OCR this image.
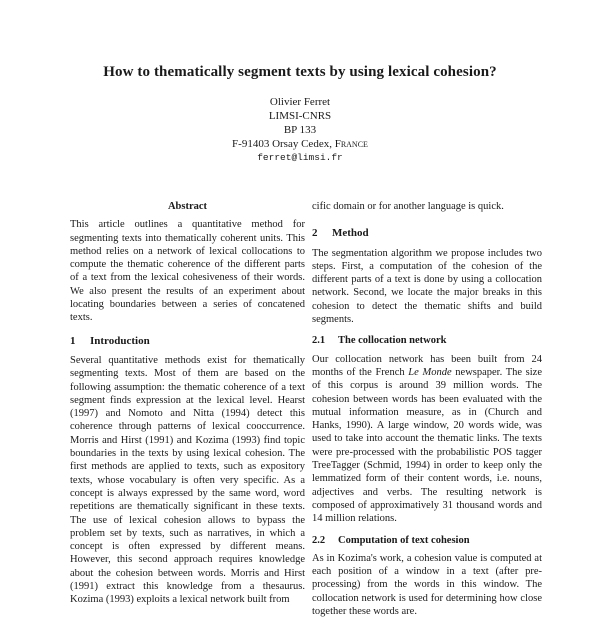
How to thematically segment texts by using lexical cohesion?
Olivier Ferret
LIMSI-CNRS
BP 133
F-91403 Orsay Cedex, France
ferret@limsi.fr
Abstract

This article outlines a quantitative method for segmenting texts into thematically coherent units. This method relies on a network of lexical collocations to compute the thematic coherence of the different parts of a text from the lexical cohesiveness of their words. We also present the results of an experiment about locating boundaries between a series of concatened texts.

1	Introduction

Several quantitative methods exist for thematically segmenting texts. Most of them are based on the following assumption: the thematic coherence of a text segment finds expression at the lexical level. Hearst (1997) and Nomoto and Nitta (1994) detect this coherence through patterns of lexical cooccurrence. Morris and Hirst (1991) and Kozima (1993) find topic boundaries in the texts by using lexical cohesion. The first methods are applied to texts, such as expository texts, whose vocabulary is often very specific. As a concept is always expressed by the same word, word repetitions are thematically significant in these texts. The use of lexical cohesion allows to bypass the problem set by texts, such as narratives, in which a concept is often expressed by different means. However, this second approach requires knowledge about the cohesion between words. Morris and Hirst (1991) extract this knowledge from a thesaurus. Kozima (1993) exploits a lexical network built from

cific domain or for another language is quick.

2	Method

The segmentation algorithm we propose includes two steps. First, a computation of the cohesion of the different parts of a text is done by using a collocation network. Second, we locate the major breaks in this cohesion to detect the thematic shifts and build segments.

2.1	The collocation network

Our collocation network has been built from 24 months of the French Le Monde newspaper. The size of this corpus is around 39 million words. The cohesion between words has been evaluated with the mutual information measure, as in (Church and Hanks, 1990). A large window, 20 words wide, was used to take into account the thematic links. The texts were pre-processed with the probabilistic POS tagger TreeTagger (Schmid, 1994) in order to keep only the lemmatized form of their content words, i.e. nouns, adjectives and verbs. The resulting network is composed of approximatively 31 thousand words and 14 million relations.

2.2	Computation of text cohesion

As in Kozima's work, a cohesion value is computed at each position of a window in a text (after pre-processing) from the words in this window. The collocation network is used for determining how close together these words are.
